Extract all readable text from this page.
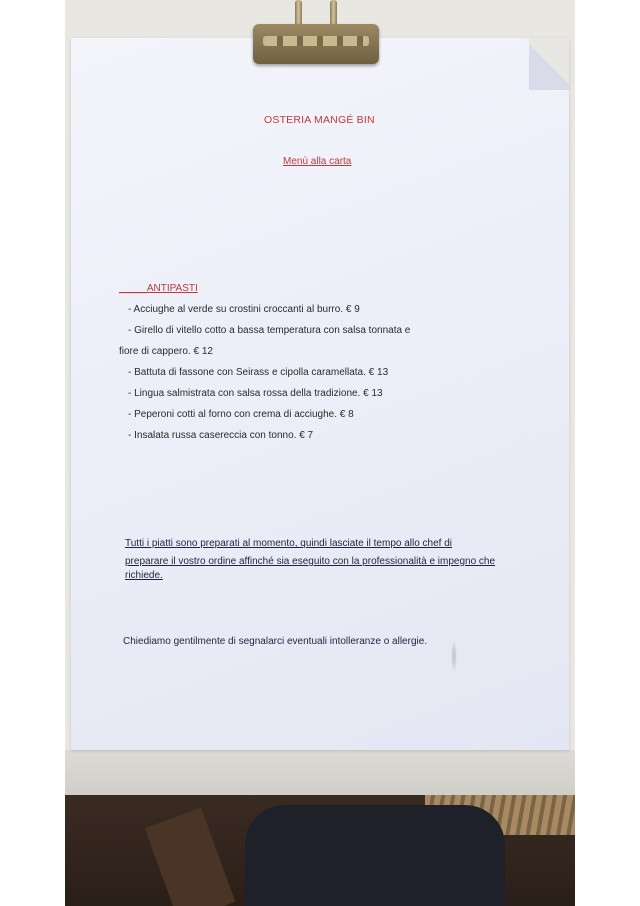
OSTERIA MANGÉ BIN
Menù alla carta
_____ANTIPASTI
- Acciughe al verde su crostini croccanti al burro. € 9
- Girello di vitello cotto a bassa temperatura con salsa tonnata e
fiore di cappero. € 12
- Battuta di fassone con Seirass e cipolla caramellata. € 13
- Lingua salmistrata con salsa rossa della tradizione. € 13
- Peperoni cotti al forno con crema di acciughe. € 8
- Insalata russa casereccia con tonno. € 7
Tutti i piatti sono preparati al momento, quindi lasciate il tempo allo chef di
preparare il vostro ordine affinché sia eseguito con la professionalità e impegno che
richiede.
Chiediamo gentilmente di segnalarci eventuali intolleranze o allergie.
